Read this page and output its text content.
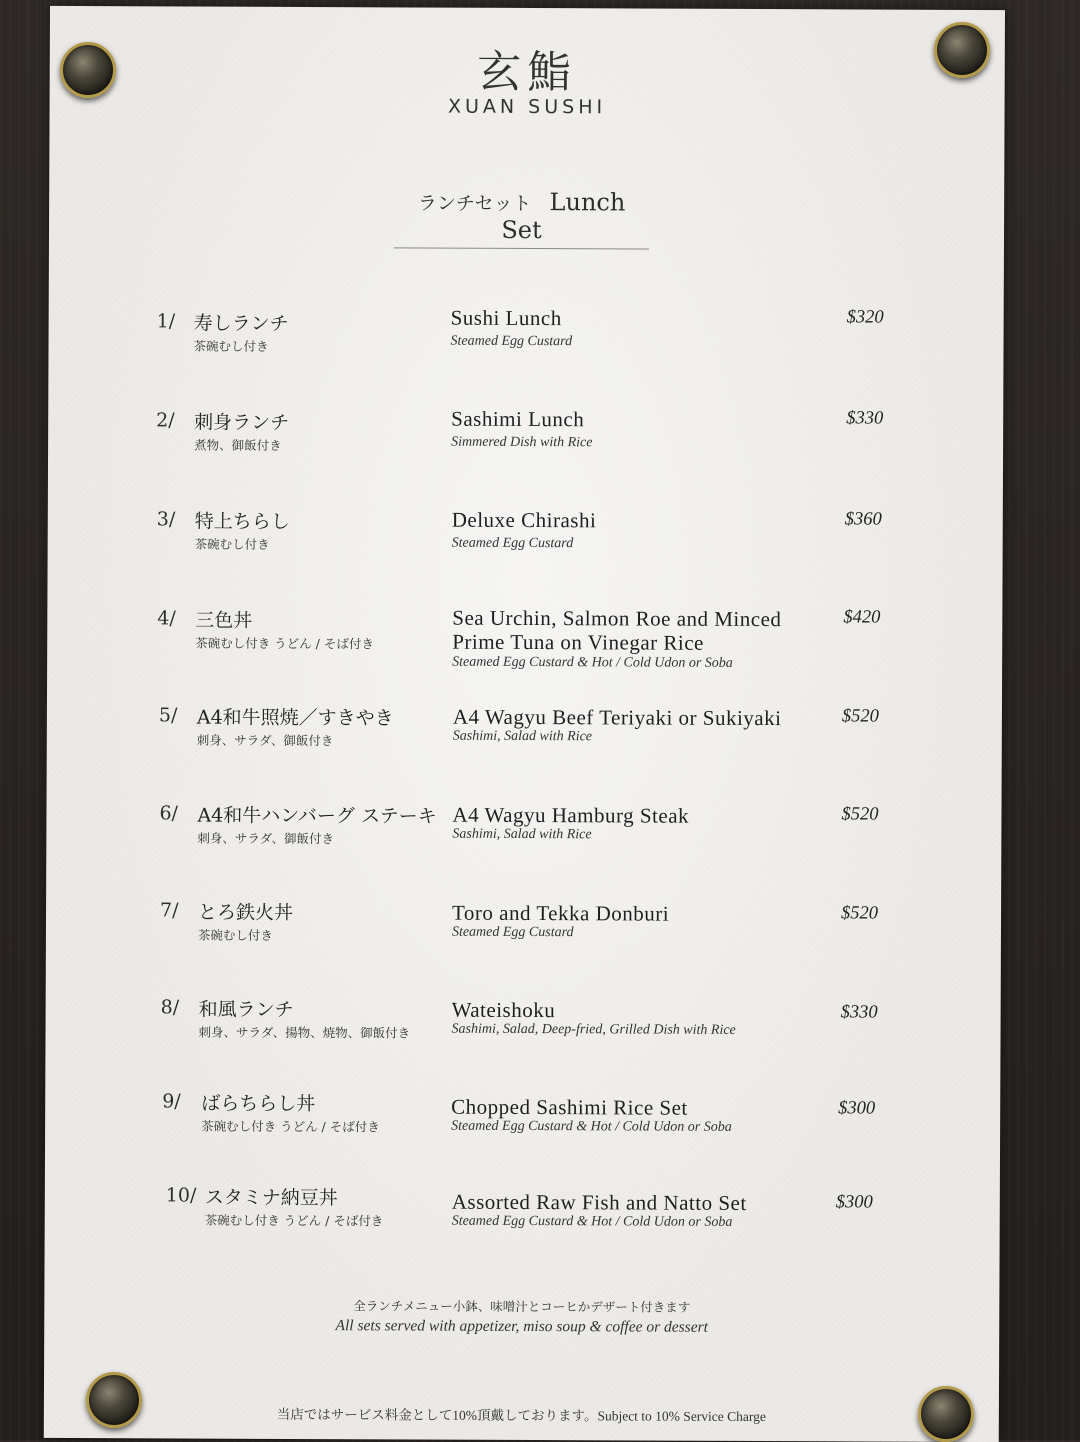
玄鮨
XUAN SUSHI
ランチセット Lunch Set
1/ 寿しランチ
茶碗むし付き
Sushi Lunch
Steamed Egg Custard
$320
2/ 刺身ランチ
煮物、御飯付き
Sashimi Lunch
Simmered Dish with Rice
$330
3/ 特上ちらし
茶碗むし付き
Deluxe Chirashi
Steamed Egg Custard
$360
4/ 三色丼
茶碗むし付き うどん / そば付き
Sea Urchin, Salmon Roe and Minced
Prime Tuna on Vinegar Rice
Steamed Egg Custard & Hot / Cold Udon or Soba
$420
5/ A4和牛照焼／すきやき
刺身、サラダ、御飯付き
A4 Wagyu Beef Teriyaki or Sukiyaki
Sashimi, Salad with Rice
$520
6/ A4和牛ハンバーグ ステーキ
刺身、サラダ、御飯付き
A4 Wagyu Hamburg Steak
Sashimi, Salad with Rice
$520
7/ とろ鉄火丼
茶碗むし付き
Toro and Tekka Donburi
Steamed Egg Custard
$520
8/ 和風ランチ
刺身、サラダ、揚物、焼物、御飯付き
Wateishoku
Sashimi, Salad, Deep-fried, Grilled Dish with Rice
$330
9/ ばらちらし丼
茶碗むし付き うどん / そば付き
Chopped Sashimi Rice Set
Steamed Egg Custard & Hot / Cold Udon or Soba
$300
10/ スタミナ納豆丼
茶碗むし付き うどん / そば付き
Assorted Raw Fish and Natto Set
Steamed Egg Custard & Hot / Cold Udon or Soba
$300
全ランチメニュー小鉢、味噌汁とコーヒかデザート付きます
All sets served with appetizer, miso soup & coffee or dessert
当店ではサービス料金として10%頂戴しております。Subject to 10% Service Charge
